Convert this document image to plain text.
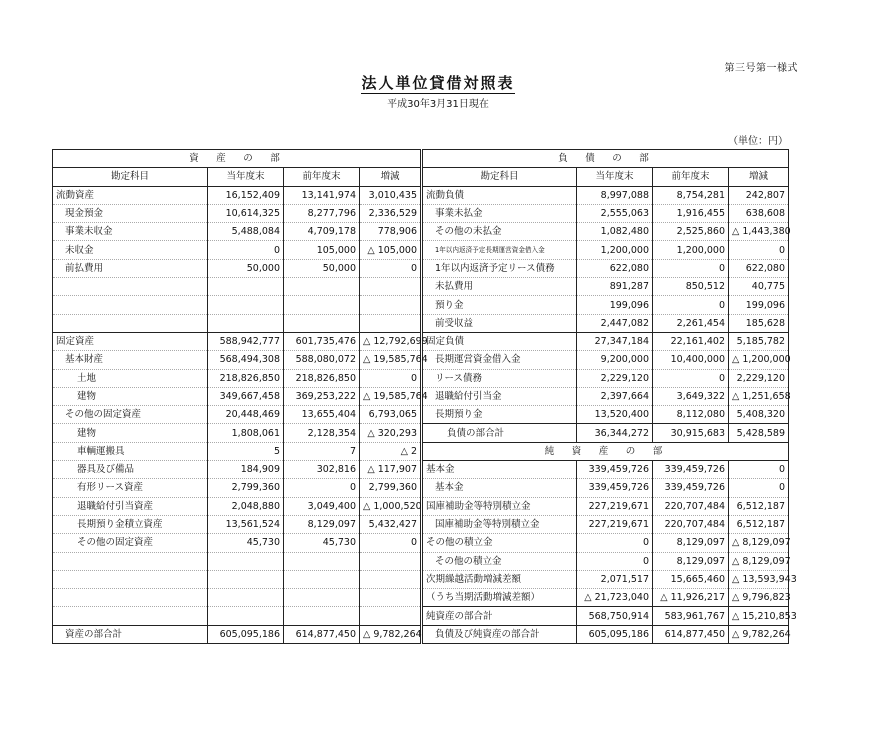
第三号第一様式
法人単位貸借対照表
平成30年3月31日現在
（単位：円）
資　産　の　部				負　債　の　部			
勘定科目	当年度末	前年度末	増減	勘定科目	当年度末	前年度末	増減
流動資産	16,152,409	13,141,974	3,010,435	流動負債	8,997,088	8,754,281	242,807
現金預金	10,614,325	8,277,796	2,336,529	事業未払金	2,555,063	1,916,455	638,608
事業未収金	5,488,084	4,709,178	778,906	その他の未払金	1,082,480	2,525,860	△ 1,443,380
未収金	0	105,000	△ 105,000	1年以内返済予定長期運営資金借入金	1,200,000	1,200,000	0
前払費用	50,000	50,000	0	1年以内返済予定リース債務	622,080	0	622,080
				未払費用	891,287	850,512	40,775
				預り金	199,096	0	199,096
				前受収益	2,447,082	2,261,454	185,628
固定資産	588,942,777	601,735,476	△ 12,792,699	固定負債	27,347,184	22,161,402	5,185,782
基本財産	568,494,308	588,080,072	△ 19,585,764	長期運営資金借入金	9,200,000	10,400,000	△ 1,200,000
土地	218,826,850	218,826,850	0	リース債務	2,229,120	0	2,229,120
建物	349,667,458	369,253,222	△ 19,585,764	退職給付引当金	2,397,664	3,649,322	△ 1,251,658
その他の固定資産	20,448,469	13,655,404	6,793,065	長期預り金	13,520,400	8,112,080	5,408,320
建物	1,808,061	2,128,354	△ 320,293	負債の部合計	36,344,272	30,915,683	5,428,589
車輌運搬具	5	7	△ 2	純　資　産　の　部			
器具及び備品	184,909	302,816	△ 117,907	基本金	339,459,726	339,459,726	0
有形リース資産	2,799,360	0	2,799,360	基本金	339,459,726	339,459,726	0
退職給付引当資産	2,048,880	3,049,400	△ 1,000,520	国庫補助金等特別積立金	227,219,671	220,707,484	6,512,187
長期預り金積立資産	13,561,524	8,129,097	5,432,427	国庫補助金等特別積立金	227,219,671	220,707,484	6,512,187
その他の固定資産	45,730	45,730	0	その他の積立金	0	8,129,097	△ 8,129,097
				その他の積立金	0	8,129,097	△ 8,129,097
				次期繰越活動増減差額	2,071,517	15,665,460	△ 13,593,943
				（うち当期活動増減差額）	△ 21,723,040	△ 11,926,217	△ 9,796,823
				純資産の部合計	568,750,914	583,961,767	△ 15,210,853
資産の部合計	605,095,186	614,877,450	△ 9,782,264	負債及び純資産の部合計	605,095,186	614,877,450	△ 9,782,264
